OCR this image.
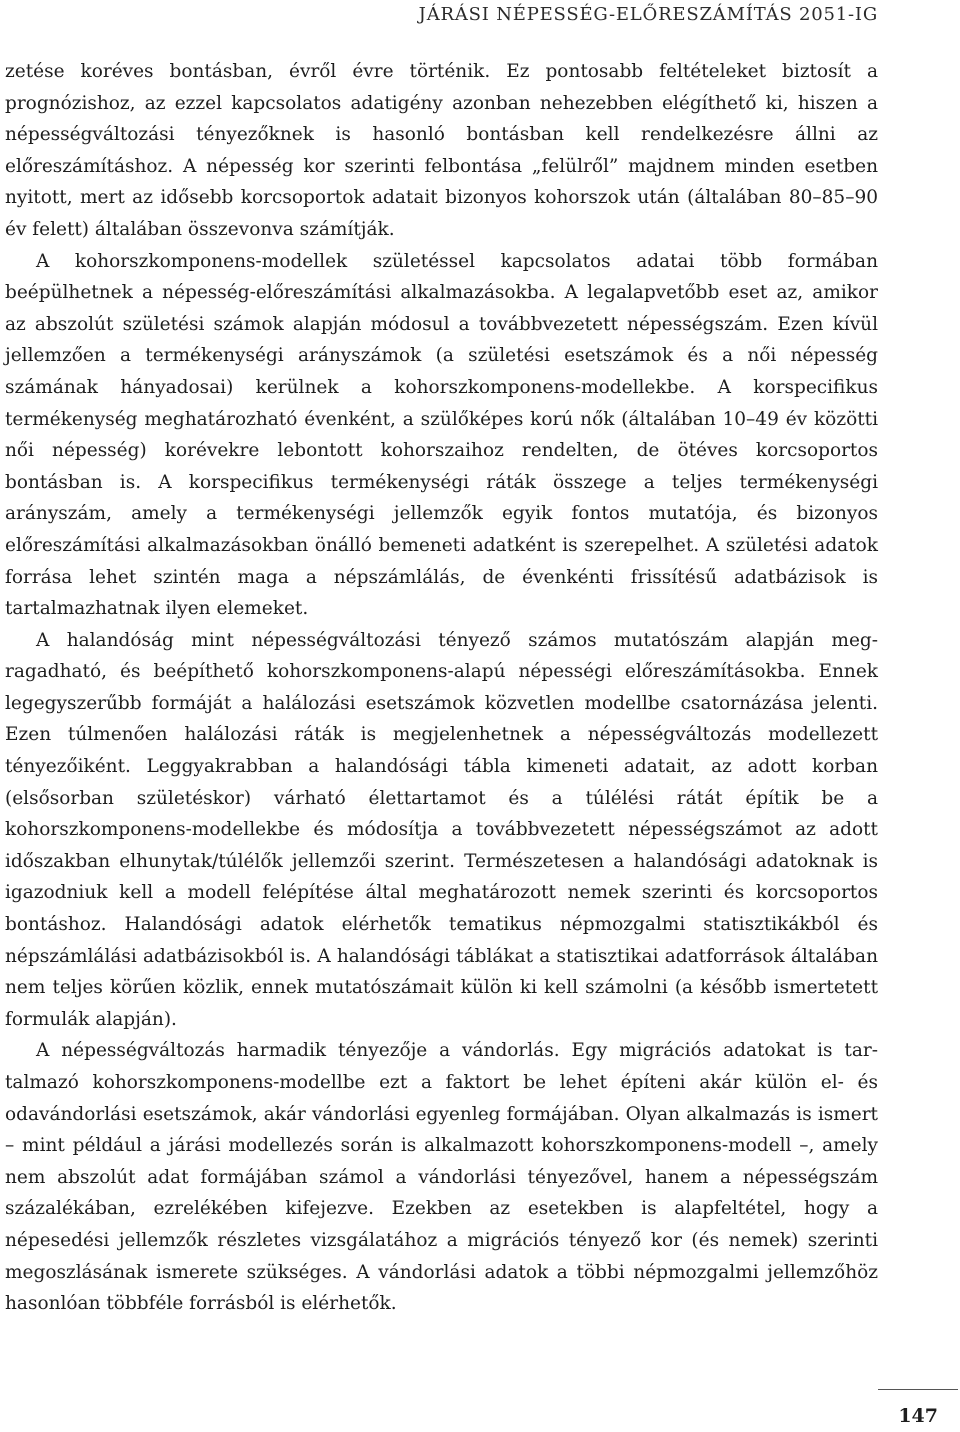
JÁRÁSI NÉPESSÉG-ELŐRESZÁMÍTÁS 2051-IG

zetése koréves bontásban, évről évre történik. Ez pontosabb feltételeket biztosít a prognózishoz, az ezzel kapcsolatos adatigény azonban nehezebben elégíthető ki, hiszen a népességváltozási tényezőknek is hasonló bontásban kell rendelkezésre állni az előreszámításhoz. A népesség kor szerinti felbontása „felülről” majdnem minden esetben nyitott, mert az idősebb korcsoportok adatait bizonyos kohorszok után (általában 80–85–90 év felett) általában összevonva számítják.

A kohorszkomponens-modellek születéssel kapcsolatos adatai több formában beépülhetnek a népesség-előreszámítási alkalmazásokba. A legalapvetőbb eset az, amikor az abszolút születési számok alapján módosul a továbbvezetett népességszám. Ezen kívül jellemzően a termékenységi arányszámok (a születési esetszámok és a női népesség számának hányadosai) kerülnek a kohorszkomponens-modellekbe. A korspecifikus termékenység meghatározható évenként, a szülőképes korú nők (általában 10–49 év közötti női népesség) korévekre lebontott kohorszaihoz rendelten, de ötéves korcsoportos bontásban is. A korspecifikus termékenységi ráták összege a teljes termékenységi arányszám, amely a termékenységi jellemzők egyik fontos mutatója, és bizonyos előreszámítási alkalmazásokban önálló bemeneti adatként is szerepelhet. A születési adatok forrása lehet szintén maga a népszámlálás, de évenkénti frissítésű adatbázisok is tartalmazhatnak ilyen elemeket.

A halandóság mint népességváltozási tényező számos mutatószám alapján megragadható, és beépíthető kohorszkomponens-alapú népességi előreszámításokba. Ennek legegyszerűbb formáját a halálozási esetszámok közvetlen modellbe csatornázása jelenti. Ezen túlmenően halálozási ráták is megjelenhetnek a népességváltozás modellezett tényezőiként. Leggyakrabban a halandósági tábla kimeneti adatait, az adott korban (elsősorban születéskor) várható élettartamot és a túlélési rátát építik be a kohorszkomponens-modellekbe és módosítja a továbbvezetett népességszámot az adott időszakban elhunytak/túlélők jellemzői szerint. Természetesen a halandósági adatoknak is igazodniuk kell a modell felépítése által meghatározott nemek szerinti és korcsoportos bontáshoz. Halandósági adatok elérhetők tematikus népmozgalmi statisztikákból és népszámlálási adatbázisokból is. A halandósági táblákat a statisztikai adatforrások általában nem teljes körűen közlik, ennek mutatószámait külön ki kell számolni (a később ismertetett formulák alapján).

A népességváltozás harmadik tényezője a vándorlás. Egy migrációs adatokat is tartalmazó kohorszkomponens-modellbe ezt a faktort be lehet építeni akár külön el- és odavándorlási esetszámok, akár vándorlási egyenleg formájában. Olyan alkalmazás is ismert – mint például a járási modellezés során is alkalmazott kohorszkomponens-modell –, amely nem abszolút adat formájában számol a vándorlási tényezővel, hanem a népességszám százalékában, ezrelékében kifejezve. Ezekben az esetekben is alapfeltétel, hogy a népesedési jellemzők részletes vizsgálatához a migrációs tényező kor (és nemek) szerinti megoszlásának ismerete szükséges. A vándorlási adatok a többi népmozgalmi jellemzőhöz hasonlóan többféle forrásból is elérhetők.

147
